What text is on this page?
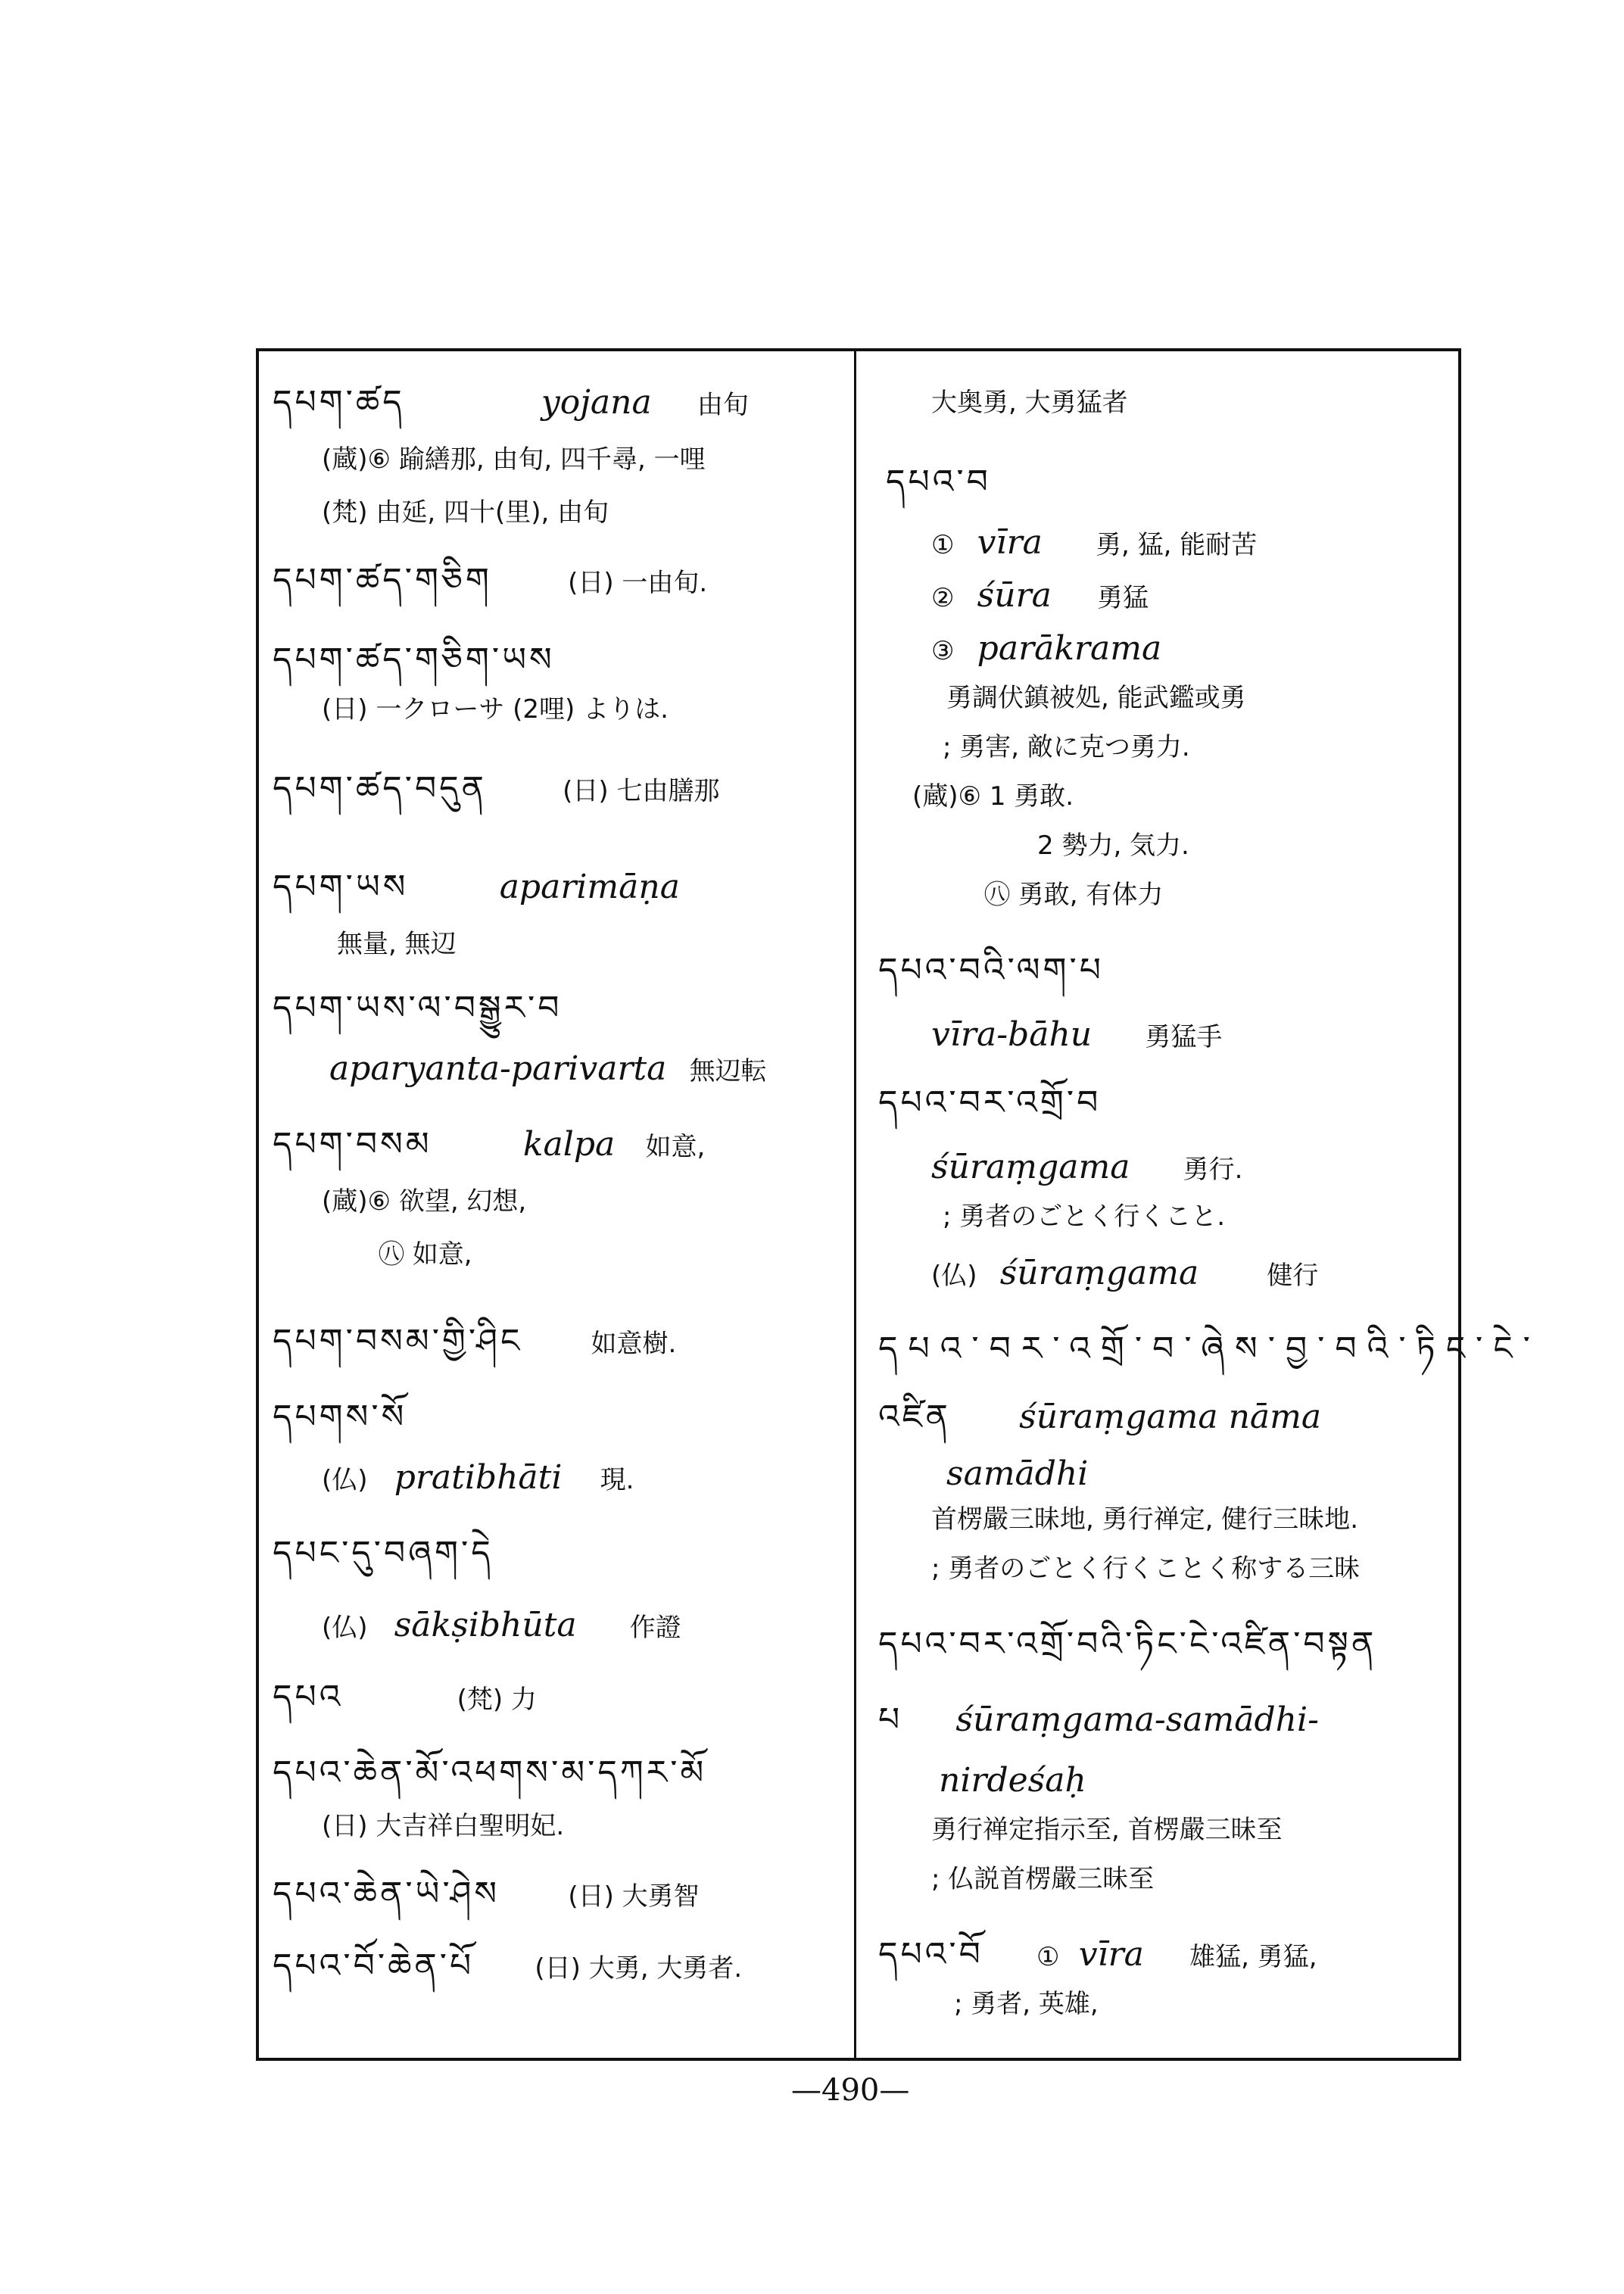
དཔག་ཚད	yojana 由旬
(蔵)⑥ 踰繕那, 由旬, 四千尋, 一哩
(梵) 由延, 四十(里), 由旬
དཔག་ཚད་གཅིག	(日) 一由旬.
དཔག་ཚད་གཅིག་ཡས
(日) 一クローサ (2哩) よりは.
དཔག་ཚད་བདུན	(日) 七由膳那
དཔག་ཡས	aparimāṇa
無量, 無辺
དཔག་ཡས་ལ་བསྒྱུར་བ
aparyanta-parivarta 無辺転
དཔག་བསམ	kalpa 如意,
(蔵)⑥ 欲望, 幻想,
㊇ 如意,
དཔག་བསམ་གྱི་ཤིང	如意樹.
དཔགས་སོ
(仏) pratibhāti 現.
དཔང་དུ་བཞག་དེ
(仏) sākṣibhūta 作證
དཔའ	(梵) 力
དཔའ་ཆེན་མོ་འཕགས་མ་དཀར་མོ
(日) 大吉祥白聖明妃.
དཔའ་ཆེན་ཡེ་ཤེས	(日) 大勇智
དཔའ་བོ་ཆེན་པོ (日) 大勇, 大勇者.
大奥勇, 大勇猛者
དཔའ་བ
① vīra 勇, 猛, 能耐苦
② śūra 勇猛
③ parākrama
勇調伏鎮被処, 能武鑑或勇
; 勇害, 敵に克つ勇力.
(蔵)⑥ 1 勇敢.
2 勢力, 気力.
㊇ 勇敢, 有体力
དཔའ་བའི་ལག་པ
vīra-bāhu 勇猛手
དཔའ་བར་འགྲོ་བ
śūraṃgama 勇行.
; 勇者のごとく行くこと.
(仏) śūraṃgama	健行
དཔའ་བར་འགྲོ་བ་ཞེས་བྱ་བའི་ཏིང་ངེ་
འཛིན śūraṃgama nāma
samādhi
首楞嚴三昧地, 勇行禅定, 健行三昧地.
; 勇者のごとく行くことく称する三昧
དཔའ་བར་འགྲོ་བའི་ཏིང་ངེ་འཛིན་བསྟན
པ śūraṃgama-samādhi-
nirdeśaḥ
勇行禅定指示至, 首楞嚴三昧至
; 仏説首楞嚴三昧至
དཔའ་བོ ① vīra 雄猛, 勇猛,
; 勇者, 英雄,
—490—
